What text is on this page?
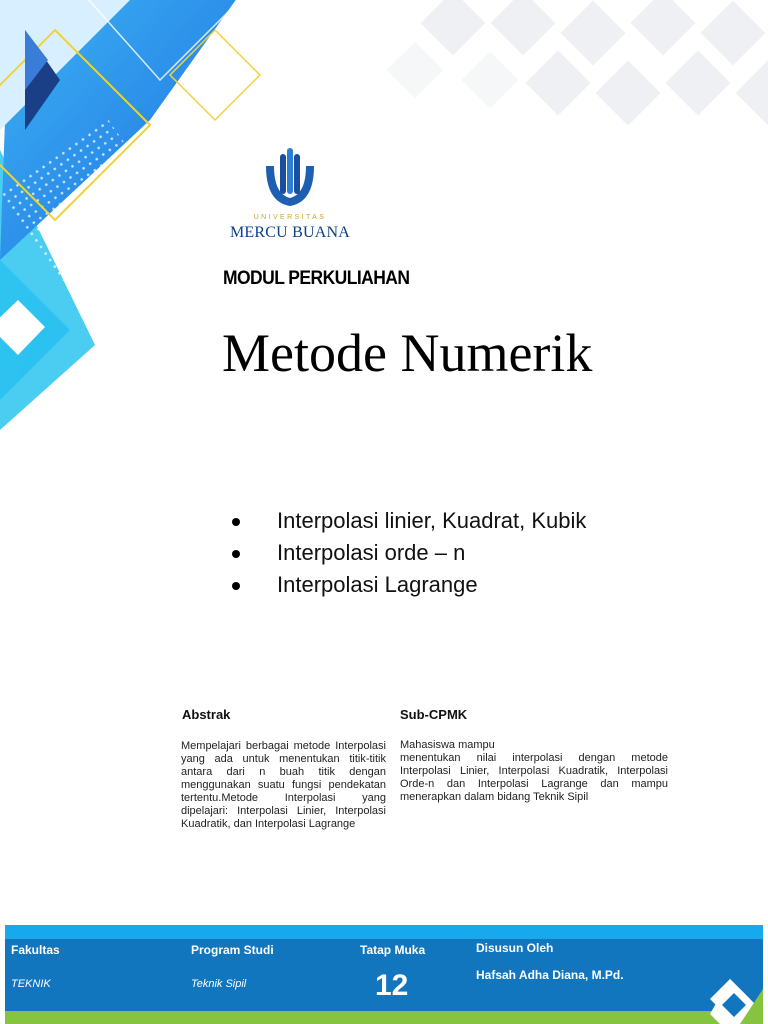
UNIVERSITAS
MERCU BUANA
MODUL PERKULIAHAN
Metode Numerik
Interpolasi linier, Kuadrat, Kubik
Interpolasi orde – n
Interpolasi Lagrange
Abstrak	Sub-CPMK
Mempelajari berbagai metode Interpolasi yang ada untuk menentukan titik-titik antara dari n buah titik dengan menggunakan suatu fungsi pendekatan tertentu.Metode Interpolasi yang dipelajari: Interpolasi Linier, Interpolasi Kuadratik, dan Interpolasi Lagrange
Mahasiswa mampu
menentukan nilai interpolasi dengan metode Interpolasi Linier, Interpolasi Kuadratik, Interpolasi Orde-n dan Interpolasi Lagrange dan mampu menerapkan dalam bidang Teknik Sipil
Fakultas
TEKNIK
Program Studi
Teknik Sipil
Tatap Muka
12
Disusun Oleh
Hafsah Adha Diana, M.Pd.
